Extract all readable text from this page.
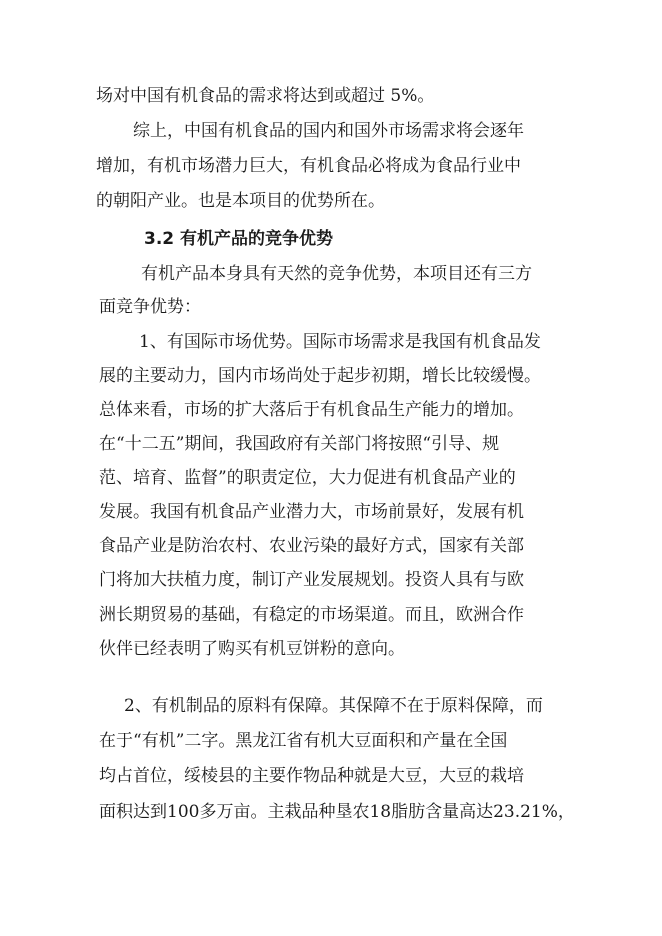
场对中国有机食品的需求将达到或超过 5%。
综上，中国有机食品的国内和国外市场需求将会逐年
增加，有机市场潜力巨大，有机食品必将成为食品行业中
的朝阳产业。也是本项目的优势所在。
3.2 有机产品的竞争优势
有机产品本身具有天然的竞争优势，本项目还有三方
面竞争优势：
1、有国际市场优势。国际市场需求是我国有机食品发
展的主要动力，国内市场尚处于起步初期，增长比较缓慢。
总体来看，市场的扩大落后于有机食品生产能力的增加。
在“十二五”期间，我国政府有关部门将按照“引导、规
范、培育、监督”的职责定位，大力促进有机食品产业的
发展。我国有机食品产业潜力大，市场前景好，发展有机
食品产业是防治农村、农业污染的最好方式，国家有关部
门将加大扶植力度，制订产业发展规划。投资人具有与欧
洲长期贸易的基础，有稳定的市场渠道。而且，欧洲合作
伙伴已经表明了购买有机豆饼粉的意向。
2、有机制品的原料有保障。其保障不在于原料保障，而
在于“有机”二字。黑龙江省有机大豆面积和产量在全国
均占首位，绥棱县的主要作物品种就是大豆，大豆的栽培
面积达到100多万亩。主栽品种垦农18脂肪含量高达23.21%，
